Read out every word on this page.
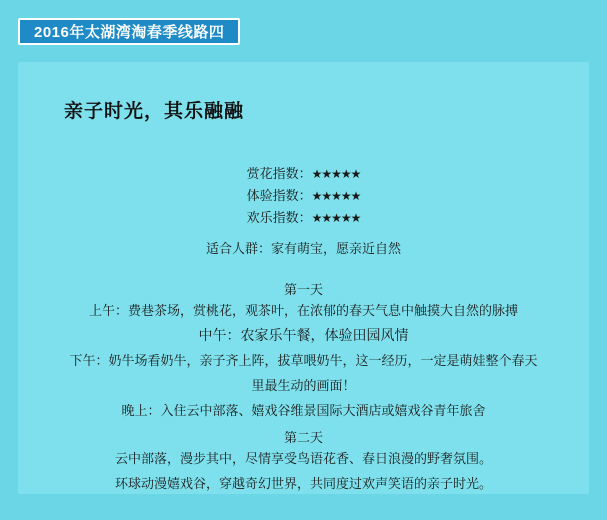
2016年太湖湾淘春季线路四
亲子时光，其乐融融
赏花指数：★★★★★
体验指数：★★★★★
欢乐指数：★★★★★
适合人群：家有萌宝，愿亲近自然
第一天

上午：费巷茶场，赏桃花，观茶叶，在浓郁的春天气息中触摸大自然的脉搏

中午：农家乐午餐，体验田园风情

下午：奶牛场看奶牛，亲子齐上阵，拔草喂奶牛，这一经历，一定是萌娃整个春天

里最生动的画面！

晚上：入住云中部落、嬉戏谷维景国际大酒店或嬉戏谷青年旅舍

第二天

云中部落，漫步其中，尽情享受鸟语花香、春日浪漫的野奢氛围。

环球动漫嬉戏谷，穿越奇幻世界，共同度过欢声笑语的亲子时光。
